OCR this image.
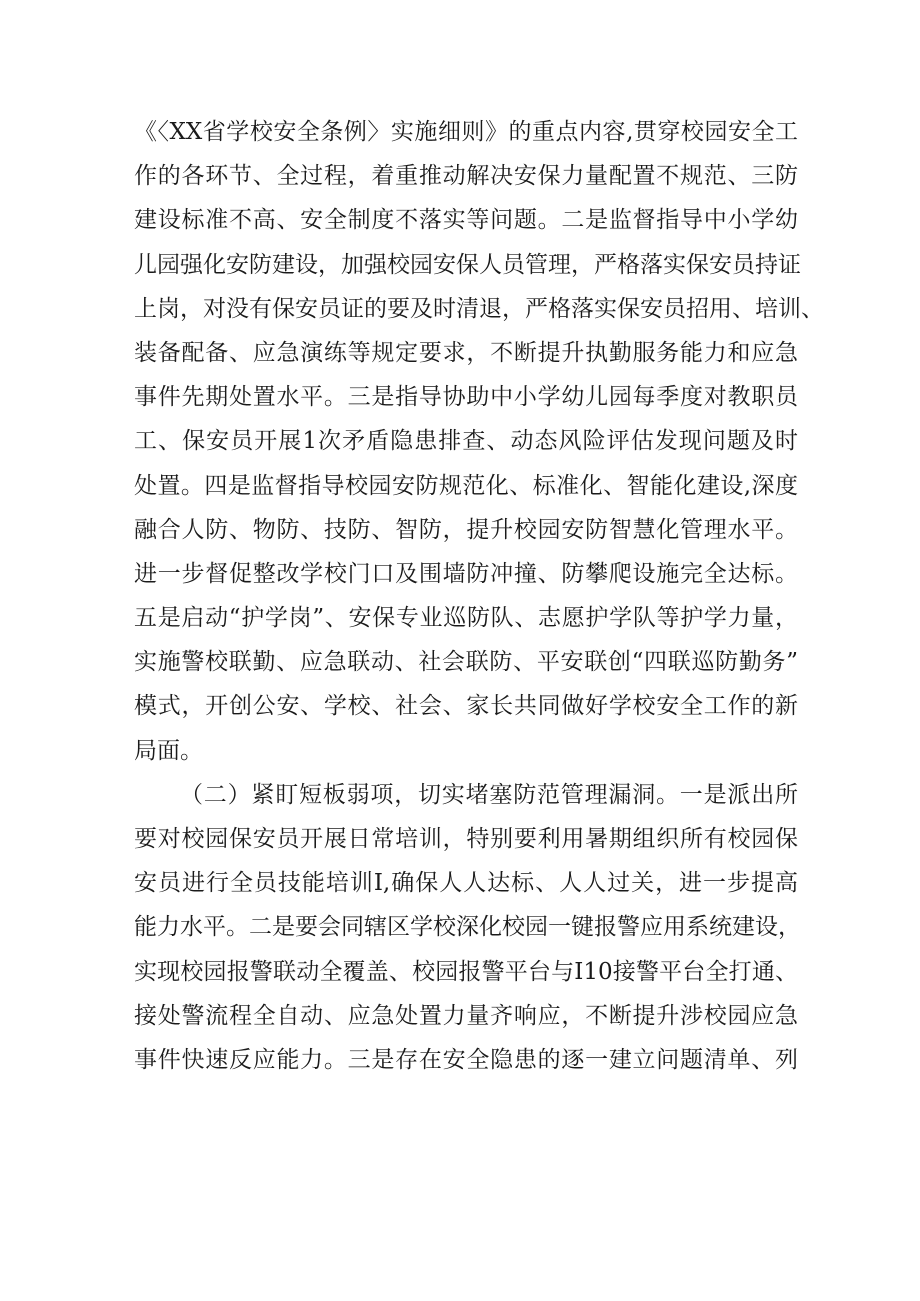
《〈XX省学校安全条例〉实施细则》的重点内容,贯穿校园安全工
作的各环节、全过程，着重推动解决安保力量配置不规范、三防
建设标准不高、安全制度不落实等问题。二是监督指导中小学幼
儿园强化安防建设，加强校园安保人员管理，严格落实保安员持证
上岗，对没有保安员证的要及时清退，严格落实保安员招用、培训、
装备配备、应急演练等规定要求，不断提升执勤服务能力和应急
事件先期处置水平。三是指导协助中小学幼儿园每季度对教职员
工、保安员开展1次矛盾隐患排查、动态风险评估发现问题及时
处置。四是监督指导校园安防规范化、标准化、智能化建设,深度
融合人防、物防、技防、智防，提升校园安防智慧化管理水平。
进一步督促整改学校门口及围墙防冲撞、防攀爬设施完全达标。
五是启动“护学岗”、安保专业巡防队、志愿护学队等护学力量，
实施警校联勤、应急联动、社会联防、平安联创“四联巡防勤务”
模式，开创公安、学校、社会、家长共同做好学校安全工作的新
局面。
（二）紧盯短板弱项，切实堵塞防范管理漏洞。一是派出所
要对校园保安员开展日常培训，特别要利用暑期组织所有校园保
安员进行全员技能培训I,确保人人达标、人人过关，进一步提高
能力水平。二是要会同辖区学校深化校园一键报警应用系统建设，
实现校园报警联动全覆盖、校园报警平台与I10接警平台全打通、
接处警流程全自动、应急处置力量齐响应，不断提升涉校园应急
事件快速反应能力。三是存在安全隐患的逐一建立问题清单、列
